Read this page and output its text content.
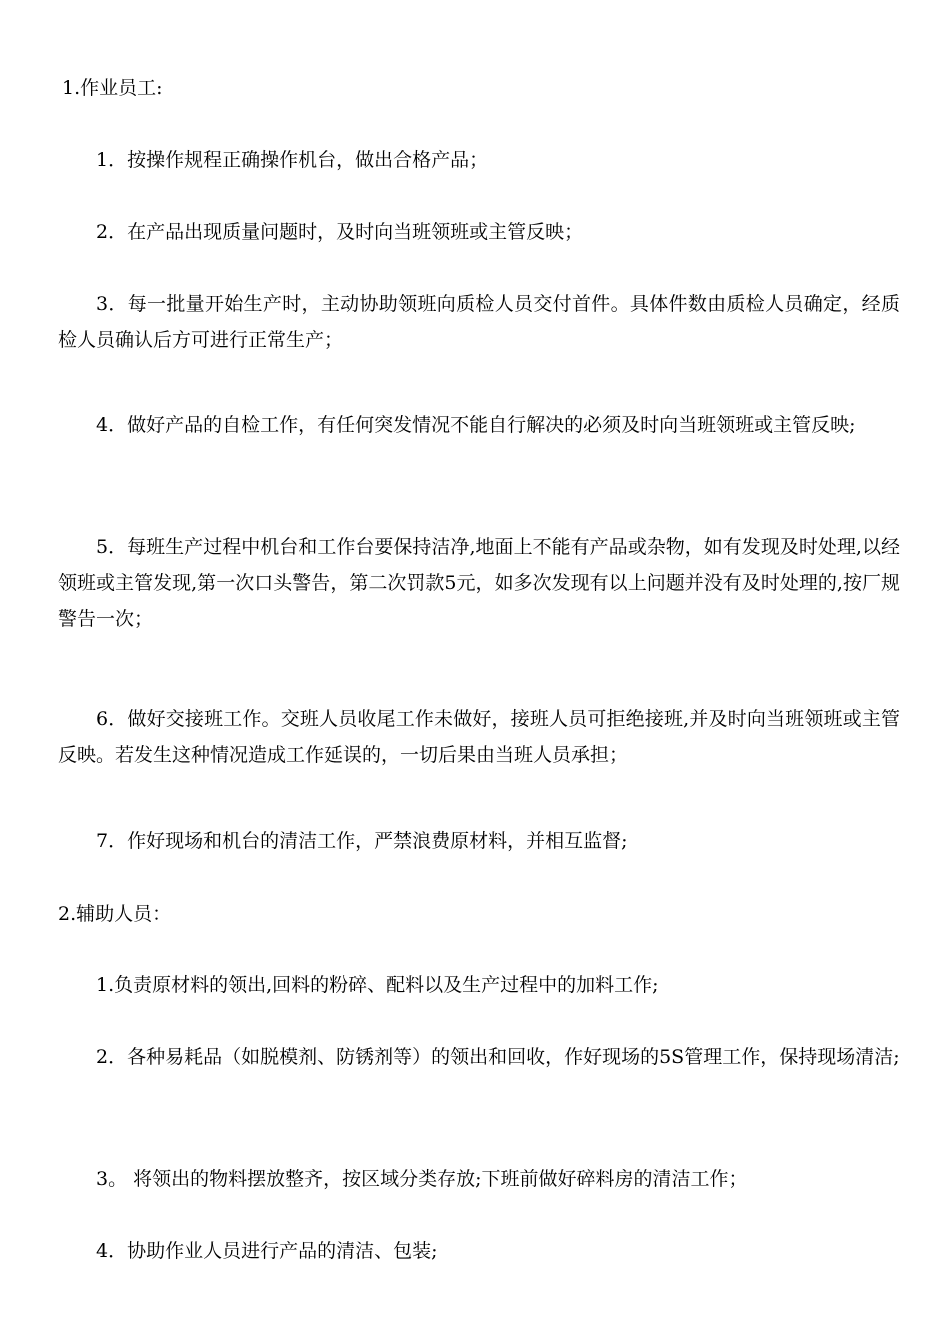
1.作业员工:

1．按操作规程正确操作机台，做出合格产品；

2．在产品出现质量问题时，及时向当班领班或主管反映；

3．每一批量开始生产时，主动协助领班向质检人员交付首件。具体件数由质检人员确定，经质检人员确认后方可进行正常生产；

4．做好产品的自检工作，有任何突发情况不能自行解决的必须及时向当班领班或主管反映;

5．每班生产过程中机台和工作台要保持洁净,地面上不能有产品或杂物，如有发现及时处理,以经领班或主管发现,第一次口头警告，第二次罚款5元，如多次发现有以上问题并没有及时处理的,按厂规警告一次；

6．做好交接班工作。交班人员收尾工作未做好，接班人员可拒绝接班,并及时向当班领班或主管反映。若发生这种情况造成工作延误的，一切后果由当班人员承担；

7．作好现场和机台的清洁工作，严禁浪费原材料，并相互监督;

2.辅助人员：

1.负责原材料的领出,回料的粉碎、配料以及生产过程中的加料工作;

2．各种易耗品（如脱模剂、防锈剂等）的领出和回收，作好现场的5S管理工作，保持现场清洁;

3。 将领出的物料摆放整齐，按区域分类存放;下班前做好碎料房的清洁工作；

4．协助作业人员进行产品的清洁、包装;
